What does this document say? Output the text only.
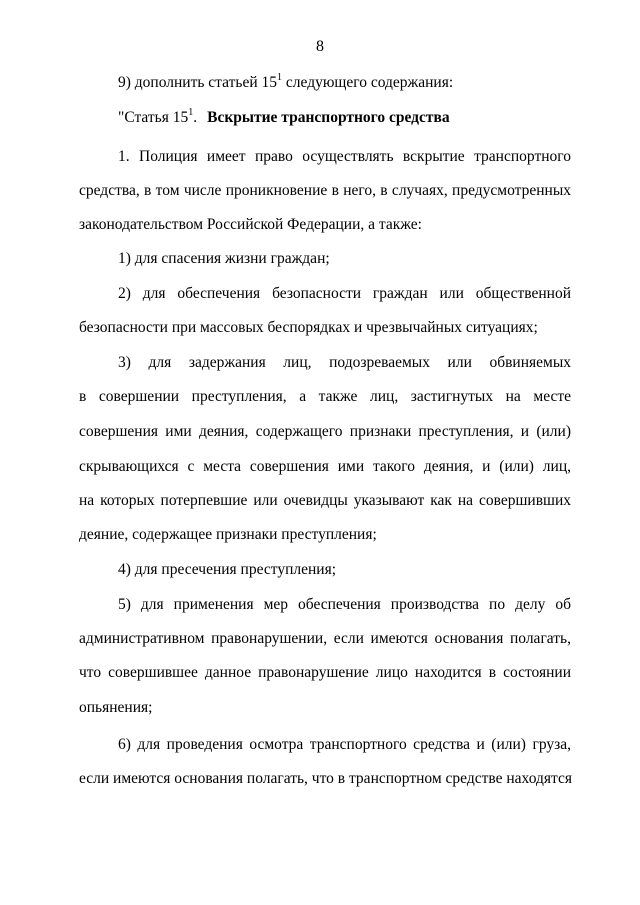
8
9) дополнить статьей $15^1$ следующего содержания:
"Статья $15^1$. Вскрытие транспортного средства
1. Полиция имеет право осуществлять вскрытие транспортного
средства, в том числе проникновение в него, в случаях, предусмотренных
законодательством Российской Федерации, а также:
1) для спасения жизни граждан;
2) для обеспечения безопасности граждан или общественной
безопасности при массовых беспорядках и чрезвычайных ситуациях;
3) для задержания лиц, подозреваемых или обвиняемых
в совершении преступления, а также лиц, застигнутых на месте
совершения ими деяния, содержащего признаки преступления, и (или)
скрывающихся с места совершения ими такого деяния, и (или) лиц,
на которых потерпевшие или очевидцы указывают как на совершивших
деяние, содержащее признаки преступления;
4) для пресечения преступления;
5) для применения мер обеспечения производства по делу об
административном правонарушении, если имеются основания полагать,
что совершившее данное правонарушение лицо находится в состоянии
опьянения;
6) для проведения осмотра транспортного средства и (или) груза,
если имеются основания полагать, что в транспортном средстве находятся
